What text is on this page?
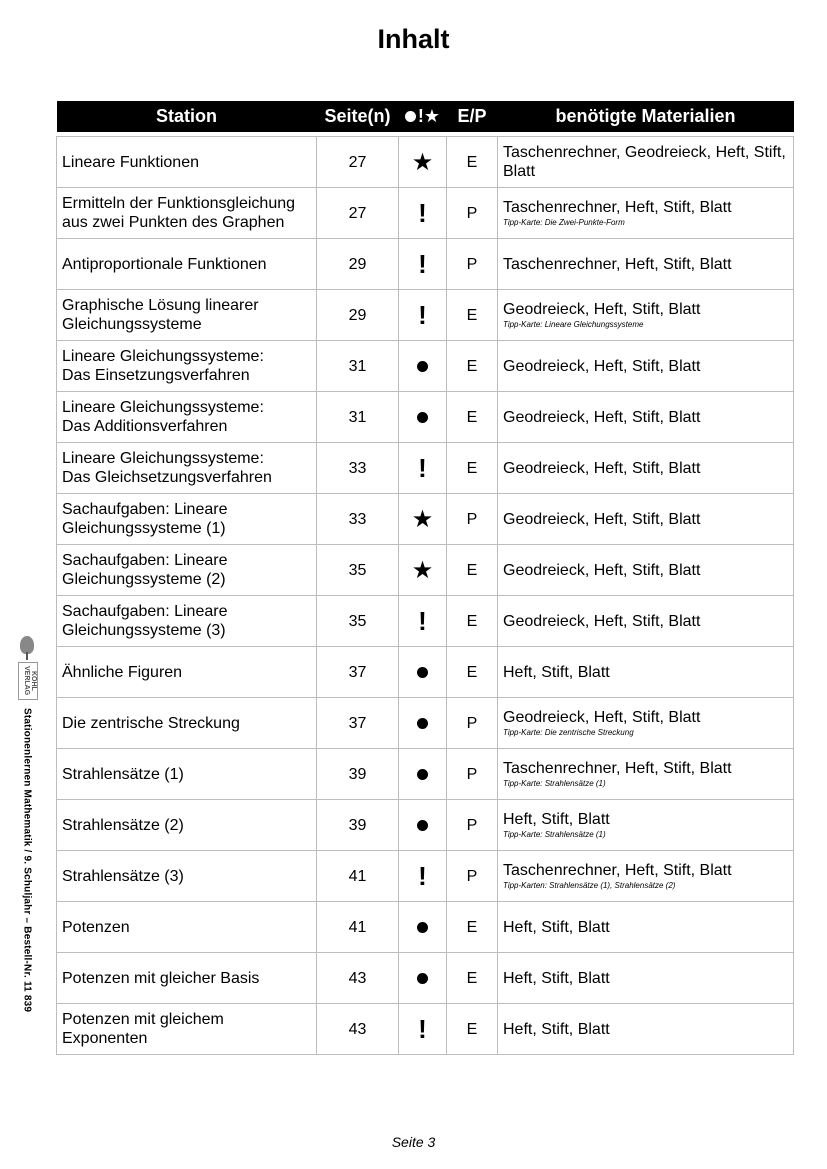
Inhalt
Station	Seite(n)	!★	E/P	benötigte Materialien

Lineare Funktionen	27	★	E	Taschenrechner, Geodreieck, Heft, Stift, Blatt

Ermitteln der Funktionsgleichung
aus zwei Punkten des Graphen	27	!	P	Taschenrechner, Heft, Stift, Blatt
Tipp-Karte: Die Zwei-Punkte-Form

Antiproportionale Funktionen	29	!	P	Taschenrechner, Heft, Stift, Blatt

Graphische Lösung linearer
Gleichungssysteme	29	!	E	Geodreieck, Heft, Stift, Blatt
Tipp-Karte: Lineare Gleichungssysteme

Lineare Gleichungssysteme:
Das Einsetzungsverfahren	31		E	Geodreieck, Heft, Stift, Blatt

Lineare Gleichungssysteme:
Das Additionsverfahren	31		E	Geodreieck, Heft, Stift, Blatt

Lineare Gleichungssysteme:
Das Gleichsetzungsverfahren	33	!	E	Geodreieck, Heft, Stift, Blatt

Sachaufgaben: Lineare
Gleichungssysteme (1)	33	★	P	Geodreieck, Heft, Stift, Blatt

Sachaufgaben: Lineare
Gleichungssysteme (2)	35	★	E	Geodreieck, Heft, Stift, Blatt

Sachaufgaben: Lineare
Gleichungssysteme (3)	35	!	E	Geodreieck, Heft, Stift, Blatt

Ähnliche Figuren	37		E	Heft, Stift, Blatt

Die zentrische Streckung	37		P	Geodreieck, Heft, Stift, Blatt
Tipp-Karte: Die zentrische Streckung

Strahlensätze (1)	39		P	Taschenrechner, Heft, Stift, Blatt
Tipp-Karte: Strahlensätze (1)

Strahlensätze (2)	39		P	Heft, Stift, Blatt
Tipp-Karte: Strahlensätze (1)

Strahlensätze (3)	41	!	P	Taschenrechner, Heft, Stift, Blatt
Tipp-Karten: Strahlensätze (1), Strahlensätze (2)

Potenzen	41		E	Heft, Stift, Blatt

Potenzen mit gleicher Basis	43		E	Heft, Stift, Blatt

Potenzen mit gleichem
Exponenten	43	!	E	Heft, Stift, Blatt
KOHL VERLAG
Stationenlernen Mathematik / 9. Schuljahr – Bestell-Nr. 11 839
Seite 3
